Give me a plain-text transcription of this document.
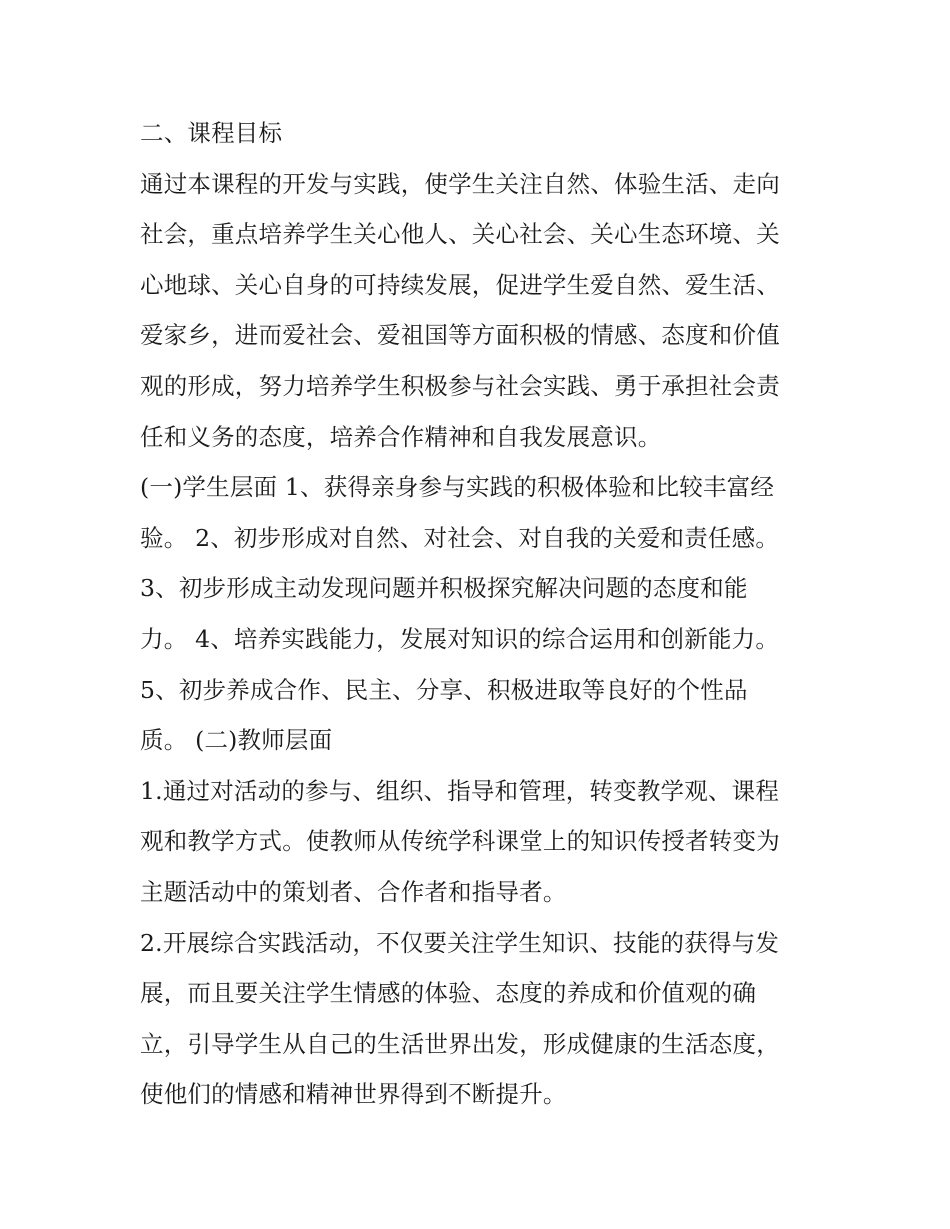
二、课程目标
通过本课程的开发与实践，使学生关注自然、体验生活、走向
社会，重点培养学生关心他人、关心社会、关心生态环境、关
心地球、关心自身的可持续发展，促进学生爱自然、爱生活、
爱家乡，进而爱社会、爱祖国等方面积极的情感、态度和价值
观的形成，努力培养学生积极参与社会实践、勇于承担社会责
任和义务的态度，培养合作精神和自我发展意识。
(一)学生层面 1、获得亲身参与实践的积极体验和比较丰富经
验。 2、初步形成对自然、对社会、对自我的关爱和责任感。
3、初步形成主动发现问题并积极探究解决问题的态度和能
力。 4、培养实践能力，发展对知识的综合运用和创新能力。
5、初步养成合作、民主、分享、积极进取等良好的个性品
质。 (二)教师层面
1.通过对活动的参与、组织、指导和管理，转变教学观、课程
观和教学方式。使教师从传统学科课堂上的知识传授者转变为
主题活动中的策划者、合作者和指导者。
2.开展综合实践活动，不仅要关注学生知识、技能的获得与发
展，而且要关注学生情感的体验、态度的养成和价值观的确
立，引导学生从自己的生活世界出发，形成健康的生活态度，
使他们的情感和精神世界得到不断提升。
